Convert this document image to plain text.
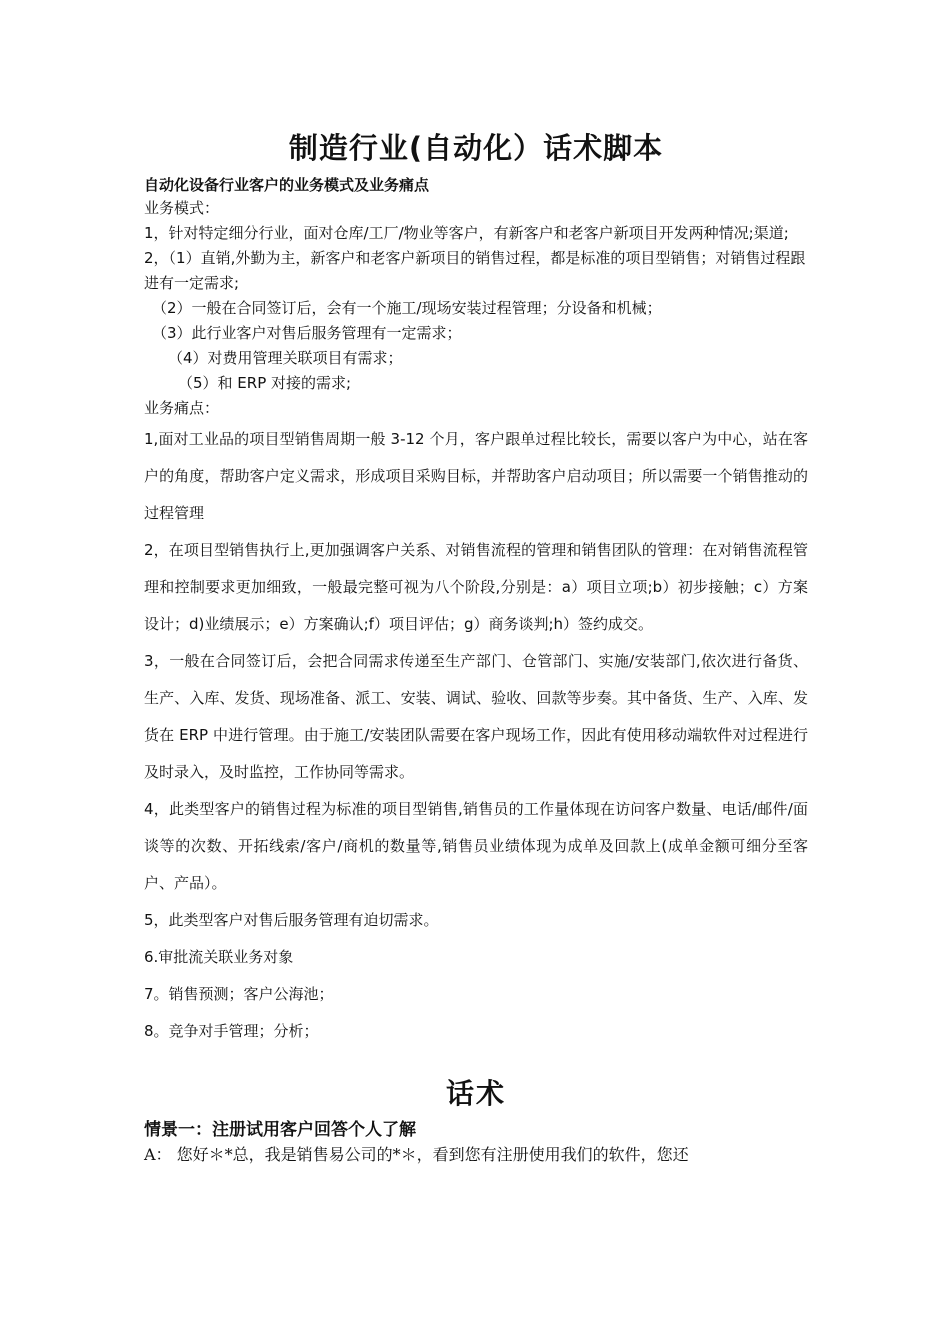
制造行业(自动化）话术脚本

自动化设备行业客户的业务模式及业务痛点

业务模式：

1，针对特定细分行业，面对仓库/工厂/物业等客户，有新客户和老客户新项目开发两种情况;渠道;

2，（1）直销,外勤为主，新客户和老客户新项目的销售过程，都是标准的项目型销售；对销售过程跟进有一定需求;

（2）一般在合同签订后，会有一个施工/现场安装过程管理；分设备和机械；

（3）此行业客户对售后服务管理有一定需求；

（4）对费用管理关联项目有需求；

（5）和 ERP 对接的需求;

业务痛点：

1,面对工业品的项目型销售周期一般 3-12 个月，客户跟单过程比较长，需要以客户为中心，站在客户的角度，帮助客户定义需求，形成项目采购目标，并帮助客户启动项目；所以需要一个销售推动的过程管理

2，在项目型销售执行上,更加强调客户关系、对销售流程的管理和销售团队的管理：在对销售流程管理和控制要求更加细致，一般最完整可视为八个阶段,分别是：a）项目立项;b）初步接触；c）方案设计；d)业绩展示；e）方案确认;f）项目评估；g）商务谈判;h）签约成交。

3，一般在合同签订后，会把合同需求传递至生产部门、仓管部门、实施/安装部门,依次进行备货、生产、入库、发货、现场准备、派工、安装、调试、验收、回款等步奏。其中备货、生产、入库、发货在 ERP 中进行管理。由于施工/安装团队需要在客户现场工作，因此有使用移动端软件对过程进行及时录入，及时监控，工作协同等需求。

4，此类型客户的销售过程为标准的项目型销售,销售员的工作量体现在访问客户数量、电话/邮件/面谈等的次数、开拓线索/客户/商机的数量等,销售员业绩体现为成单及回款上(成单金额可细分至客户、产品）。

5，此类型客户对售后服务管理有迫切需求。

6.审批流关联业务对象

7。销售预测；客户公海池；

8。竞争对手管理；分析；

话术

情景一：注册试用客户回答个人了解

A： 您好＊*总，我是销售易公司的*＊，看到您有注册使用我们的软件，您还
